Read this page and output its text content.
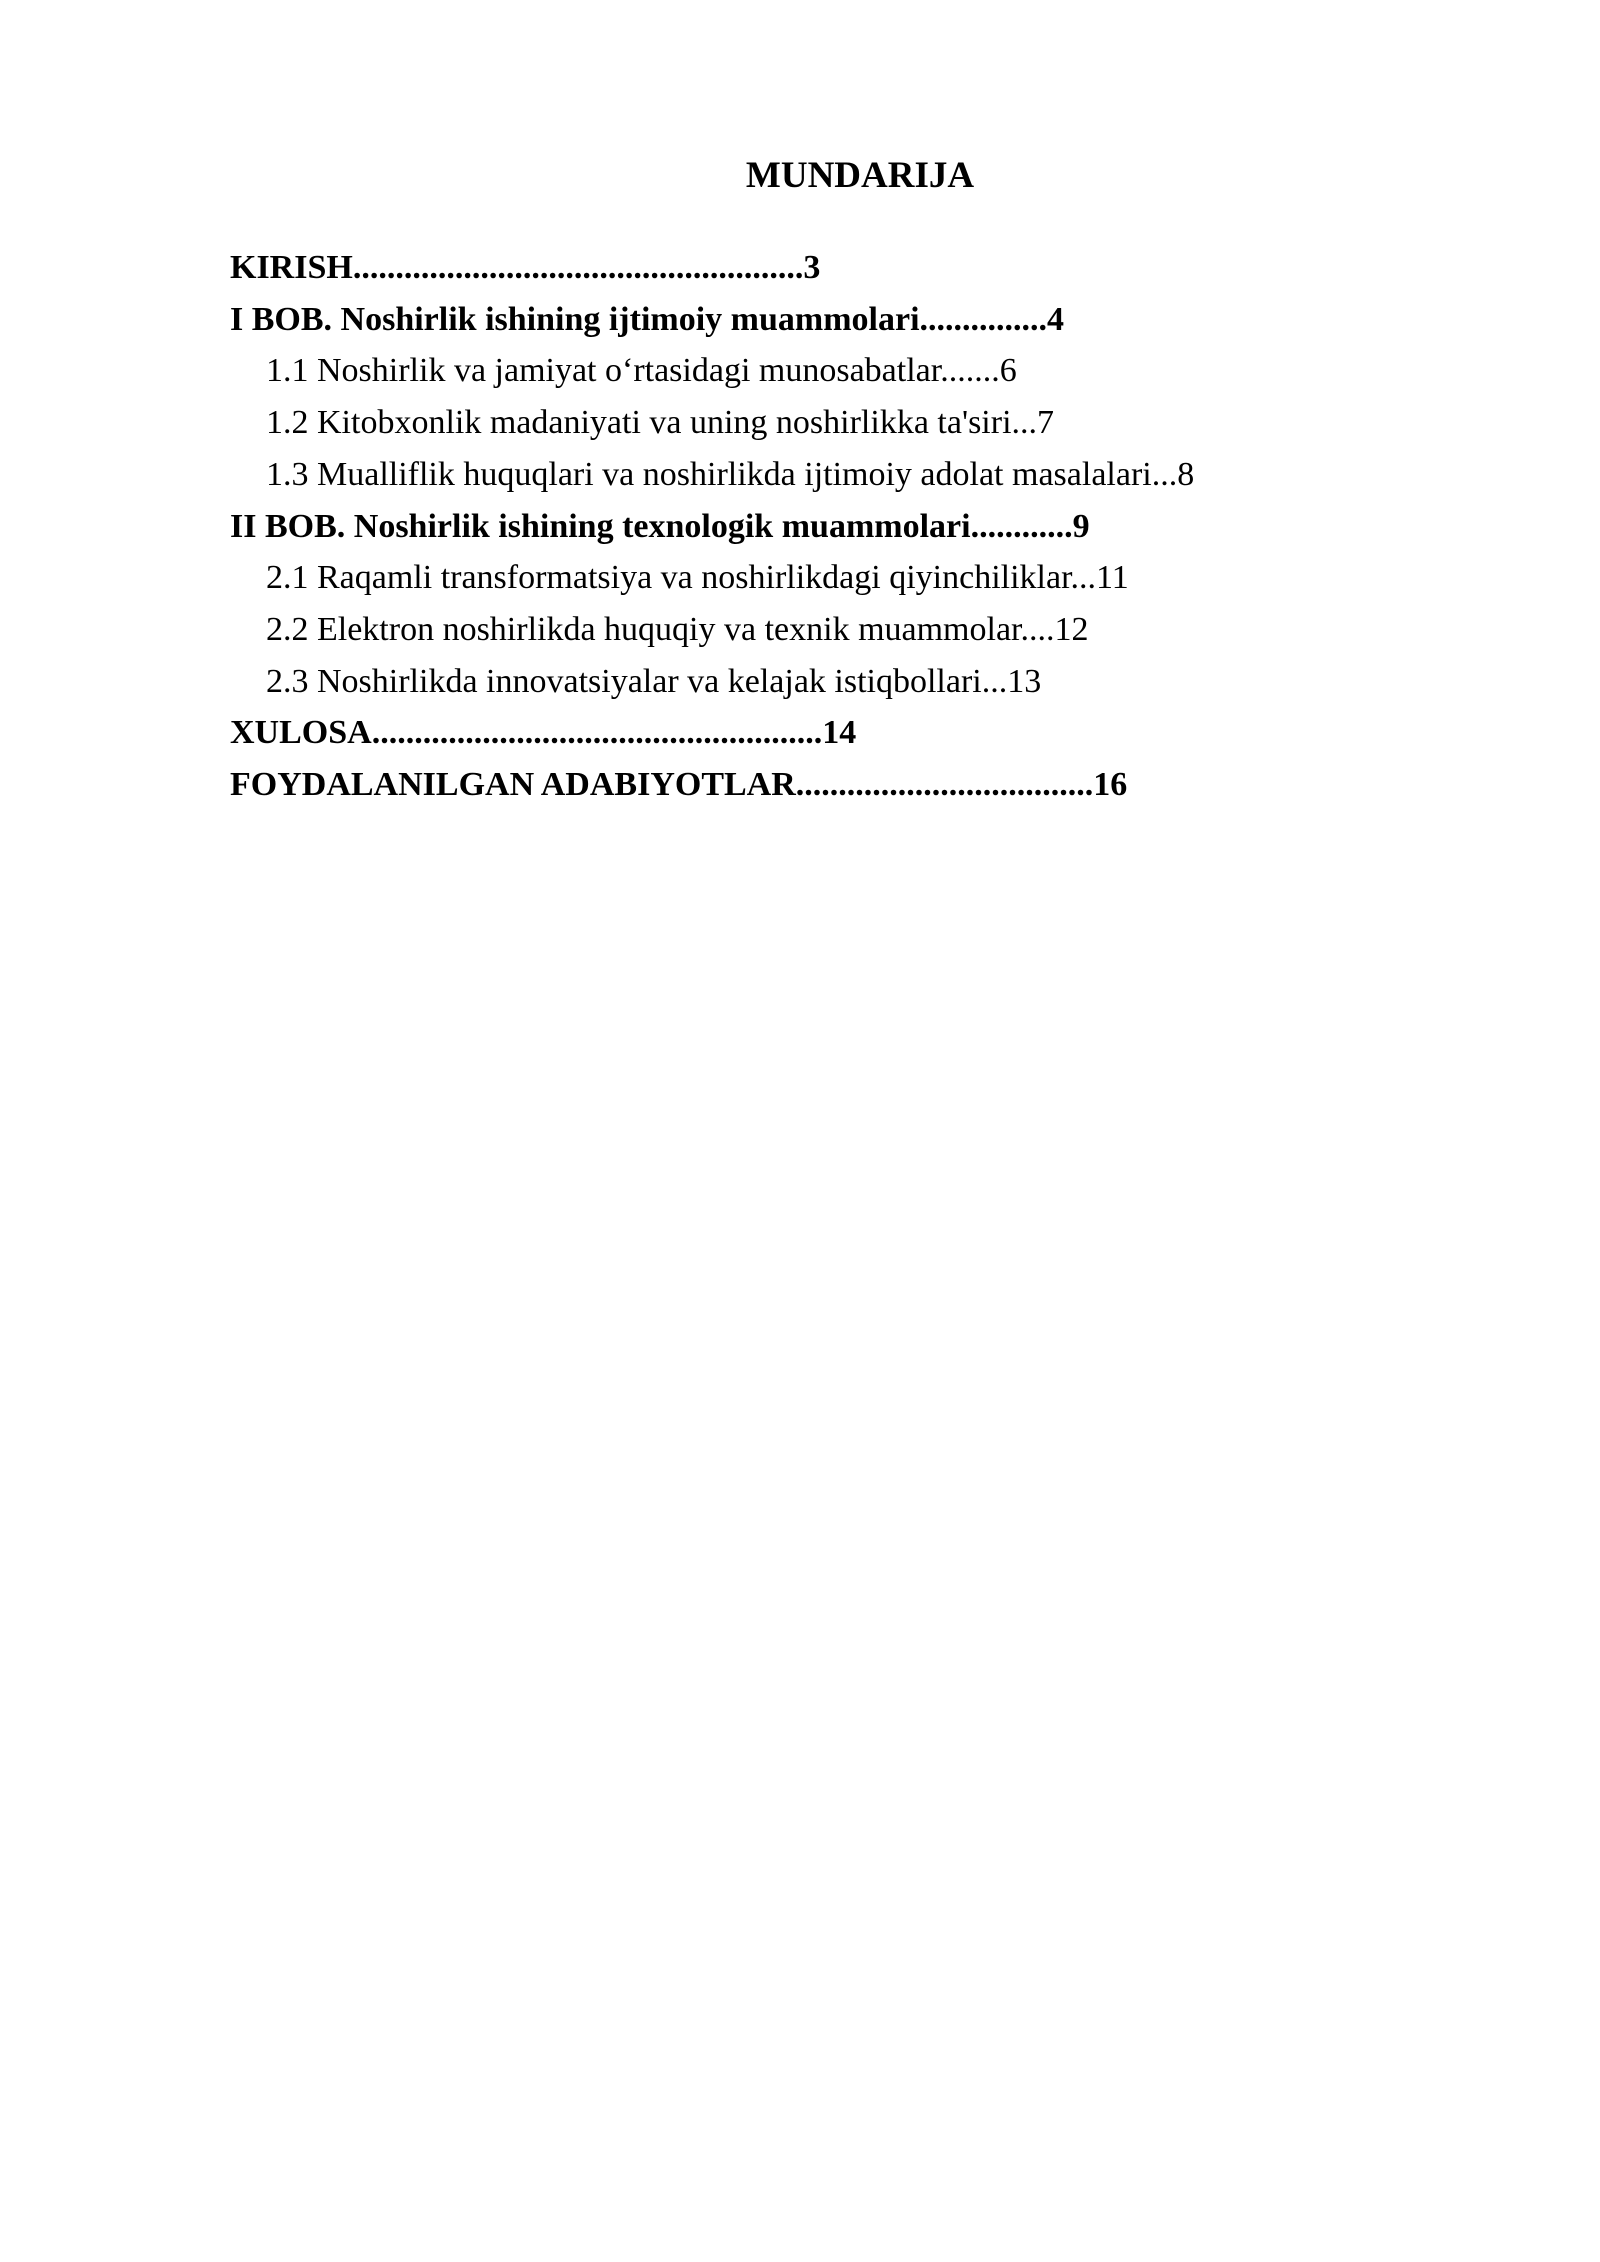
MUNDARIJA
KIRISH.....................................................3
I BOB. Noshirlik ishining ijtimoiy muammolari...............4
1.1 Noshirlik va jamiyat o‘rtasidagi munosabatlar.......6
1.2 Kitobxonlik madaniyati va uning noshirlikka ta'siri...7
1.3 Mualliflik huquqlari va noshirlikda ijtimoiy adolat masalalari...8
II BOB. Noshirlik ishining texnologik muammolari............9
2.1 Raqamli transformatsiya va noshirlikdagi qiyinchiliklar...11
2.2 Elektron noshirlikda huquqiy va texnik muammolar....12
2.3 Noshirlikda innovatsiyalar va kelajak istiqbollari...13
XULOSA.....................................................14
FOYDALANILGAN ADABIYOTLAR...................................16
